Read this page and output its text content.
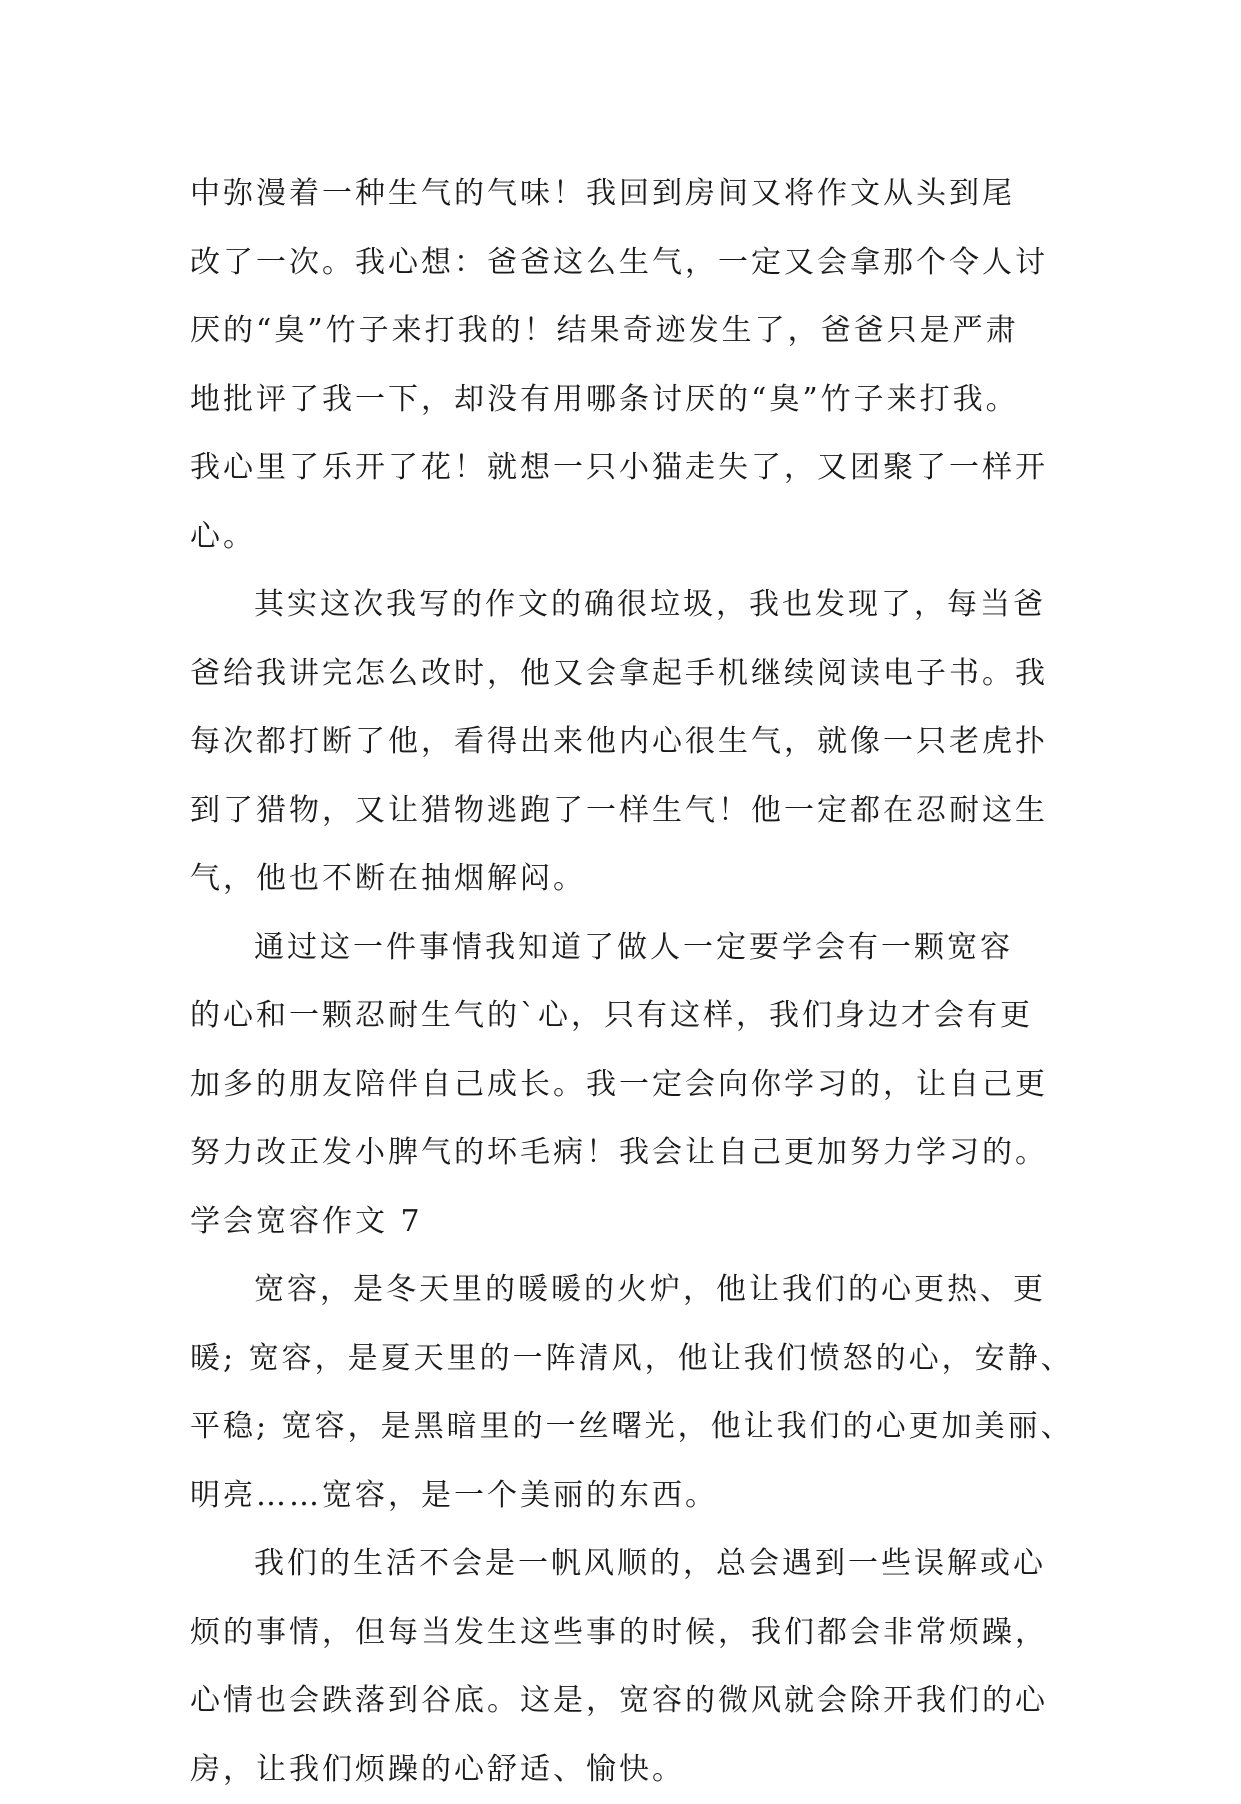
中弥漫着一种生气的气味！我回到房间又将作文从头到尾
改了一次。我心想：爸爸这么生气，一定又会拿那个令人讨
厌的“臭”竹子来打我的！结果奇迹发生了，爸爸只是严肃
地批评了我一下，却没有用哪条讨厌的“臭”竹子来打我。
我心里了乐开了花！就想一只小猫走失了，又团聚了一样开
心。
其实这次我写的作文的确很垃圾，我也发现了，每当爸
爸给我讲完怎么改时，他又会拿起手机继续阅读电子书。我
每次都打断了他，看得出来他内心很生气，就像一只老虎扑
到了猎物，又让猎物逃跑了一样生气！他一定都在忍耐这生
气，他也不断在抽烟解闷。
通过这一件事情我知道了做人一定要学会有一颗宽容
的心和一颗忍耐生气的`心，只有这样，我们身边才会有更
加多的朋友陪伴自己成长。我一定会向你学习的，让自己更
努力改正发小脾气的坏毛病！我会让自己更加努力学习的。
学会宽容作文 7
宽容，是冬天里的暖暖的火炉，他让我们的心更热、更
暖; 宽容，是夏天里的一阵清风，他让我们愤怒的心，安静、
平稳; 宽容，是黑暗里的一丝曙光，他让我们的心更加美丽、
明亮……宽容，是一个美丽的东西。
我们的生活不会是一帆风顺的，总会遇到一些误解或心
烦的事情，但每当发生这些事的时候，我们都会非常烦躁，
心情也会跌落到谷底。这是，宽容的微风就会除开我们的心
房，让我们烦躁的心舒适、愉快。
